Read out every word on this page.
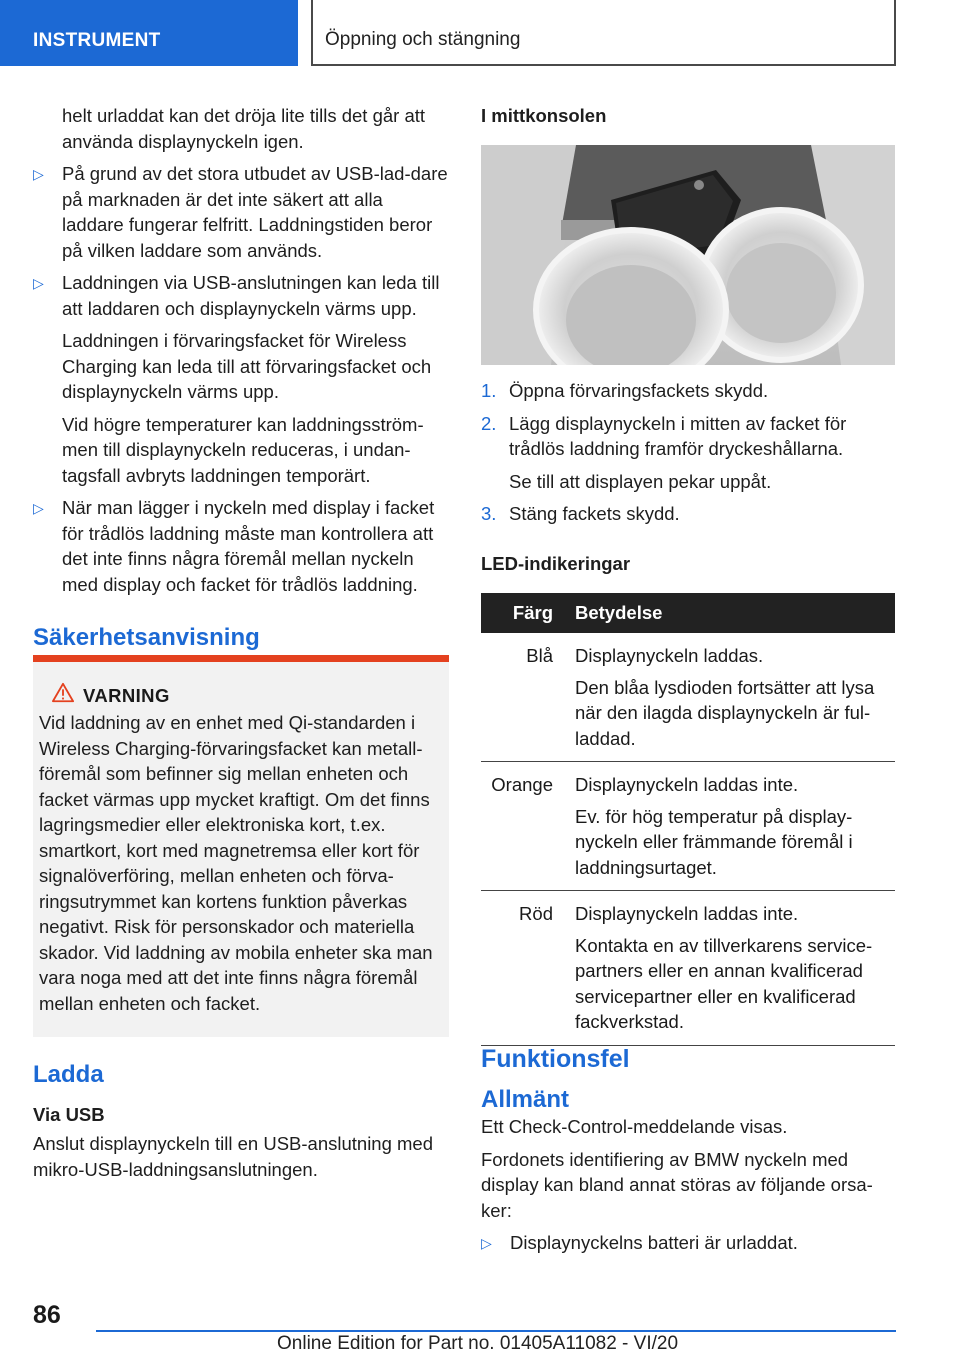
INSTRUMENT	Öppning och stängning
helt urladdat kan det dröja lite tills det går att använda displaynyckeln igen.
▷ På grund av det stora utbudet av USB-lad-dare på marknaden är det inte säkert att alla laddare fungerar felfritt. Laddningstiden beror på vilken laddare som används.
▷ Laddningen via USB-anslutningen kan leda till att laddaren och displaynyckeln värms upp.
Laddningen i förvaringsfacket för Wireless Charging kan leda till att förvaringsfacket och displaynyckeln värms upp.
Vid högre temperaturer kan laddningsström-men till displaynyckeln reduceras, i undan-tagsfall avbryts laddningen temporärt.
▷ När man lägger i nyckeln med display i facket för trådlös laddning måste man kontrollera att det inte finns några föremål mellan nyckeln med display och facket för trådlös laddning.
Säkerhetsanvisning
VARNING
Vid laddning av en enhet med Qi-standarden i Wireless Charging-förvaringsfacket kan metall-föremål som befinner sig mellan enheten och facket värmas upp mycket kraftigt. Om det finns lagringsmedier eller elektroniska kort, t.ex. smartkort, kort med magnetremsa eller kort för signalöverföring, mellan enheten och förva-ringsutrymmet kan kortens funktion påverkas negativt. Risk för personskador och materiella skador. Vid laddning av mobila enheter ska man vara noga med att det inte finns några föremål mellan enheten och facket.
Ladda
Via USB
Anslut displaynyckeln till en USB-anslutning med mikro-USB-laddningsanslutningen.
I mittkonsolen
1. Öppna förvaringsfackets skydd.
2. Lägg displaynyckeln i mitten av facket för trådlös laddning framför dryckeshållarna.
Se till att displayen pekar uppåt.
3. Stäng fackets skydd.
LED-indikeringar
Färg	Betydelse
Blå	Displaynyckeln laddas.
Den blåa lysdioden fortsätter att lysa när den ilagda displaynyckeln är ful-laddad.

Orange	Displaynyckeln laddas inte.
Ev. för hög temperatur på display-nyckeln eller främmande föremål i laddningsurtaget.

Röd	Displaynyckeln laddas inte.
Kontakta en av tillverkarens service-partners eller en annan kvalificerad servicepartner eller en kvalificerad fackverkstad.
Funktionsfel
Allmänt
Ett Check-Control-meddelande visas.
Fordonets identifiering av BMW nyckeln med display kan bland annat störas av följande orsa-ker:
▷ Displaynyckelns batteri är urladdat.
86
Online Edition for Part no. 01405A11082 - VI/20
